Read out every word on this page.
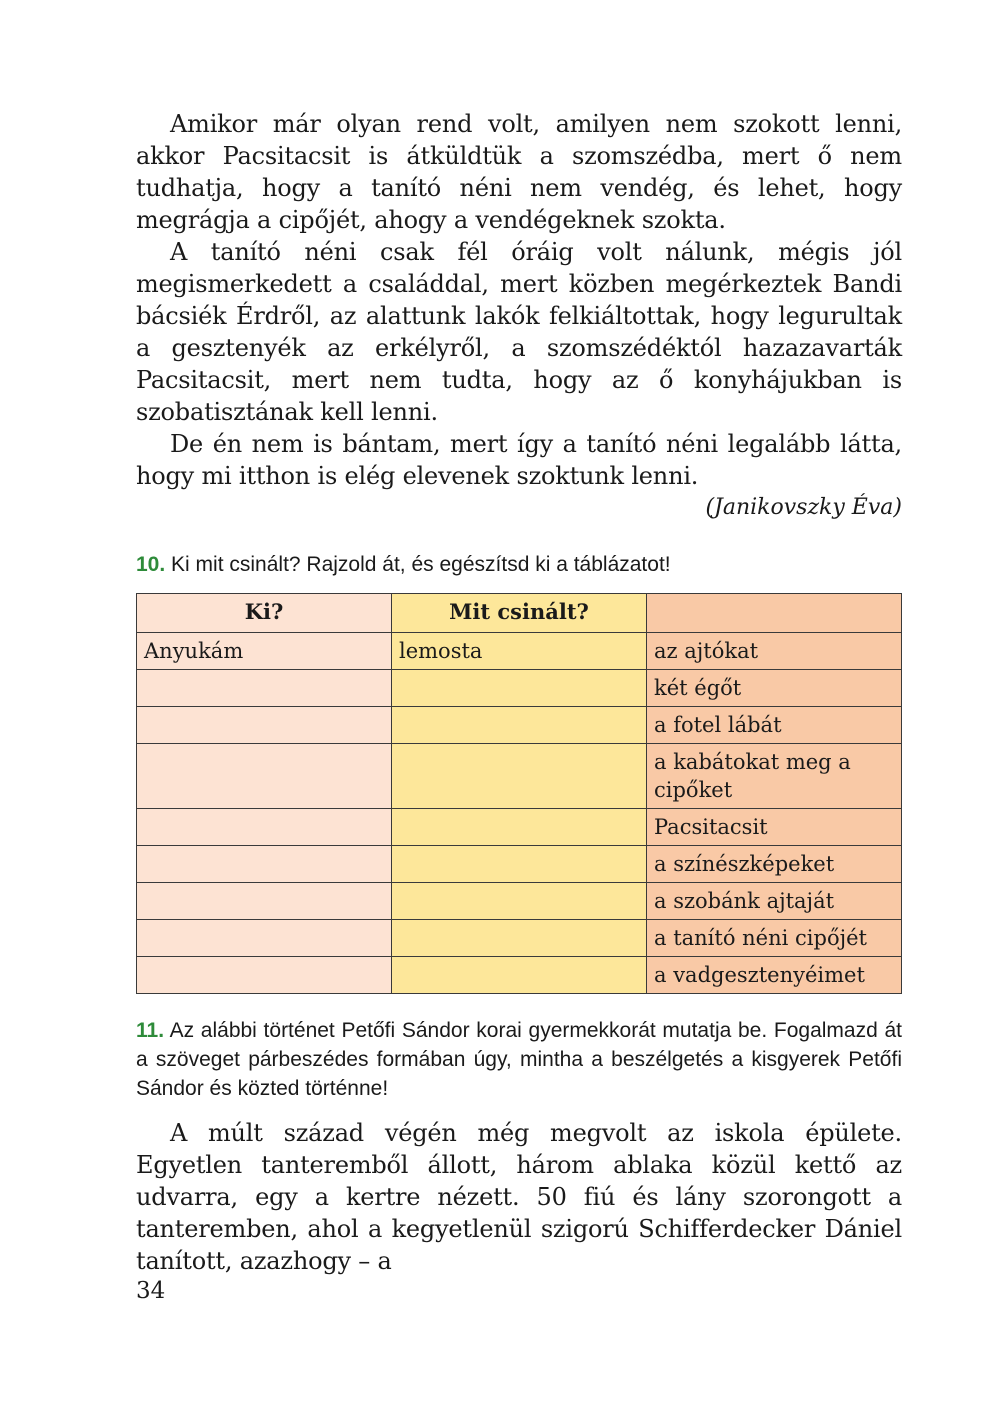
Amikor már olyan rend volt, amilyen nem szokott lenni, akkor Pacsitacsit is átküldtük a szomszédba, mert ő nem tudhatja, hogy a tanító néni nem vendég, és lehet, hogy megrágja a cipőjét, ahogy a vendégeknek szokta.

A tanító néni csak fél óráig volt nálunk, mégis jól megismerkedett a családdal, mert közben megérkeztek Bandi bácsiék Érdről, az alattunk lakók felkiáltottak, hogy legurultak a gesztenyék az erkélyről, a szomszédéktól hazazavarták Pacsitacsit, mert nem tudta, hogy az ő konyhájukban is szobatisztának kell lenni.

De én nem is bántam, mert így a tanító néni legalább látta, hogy mi itthon is elég elevenek szoktunk lenni.

(Janikovszky Éva)

10. Ki mit csinált? Rajzold át, és egészítsd ki a táblázatot!

Ki?	Mit csinált?	
Anyukám	lemosta	az ajtókat
		két égőt
		a fotel lábát
		a kabátokat meg a cipőket
		Pacsitacsit
		a színészképeket
		a szobánk ajtaját
		a tanító néni cipőjét
		a vadgesztenyéimet

11. Az alábbi történet Petőfi Sándor korai gyermekkorát mutatja be. Fogalmazd át a szöveget párbeszédes formában úgy, mintha a beszélgetés a kisgyerek Petőfi Sándor és közted történne!

A múlt század végén még megvolt az iskola épülete. Egyetlen tanteremből állott, három ablaka közül kettő az udvarra, egy a kertre nézett. 50 fiú és lány szorongott a tanteremben, ahol a kegyetlenül szigorú Schifferdecker Dániel tanított, azazhogy – a

34
